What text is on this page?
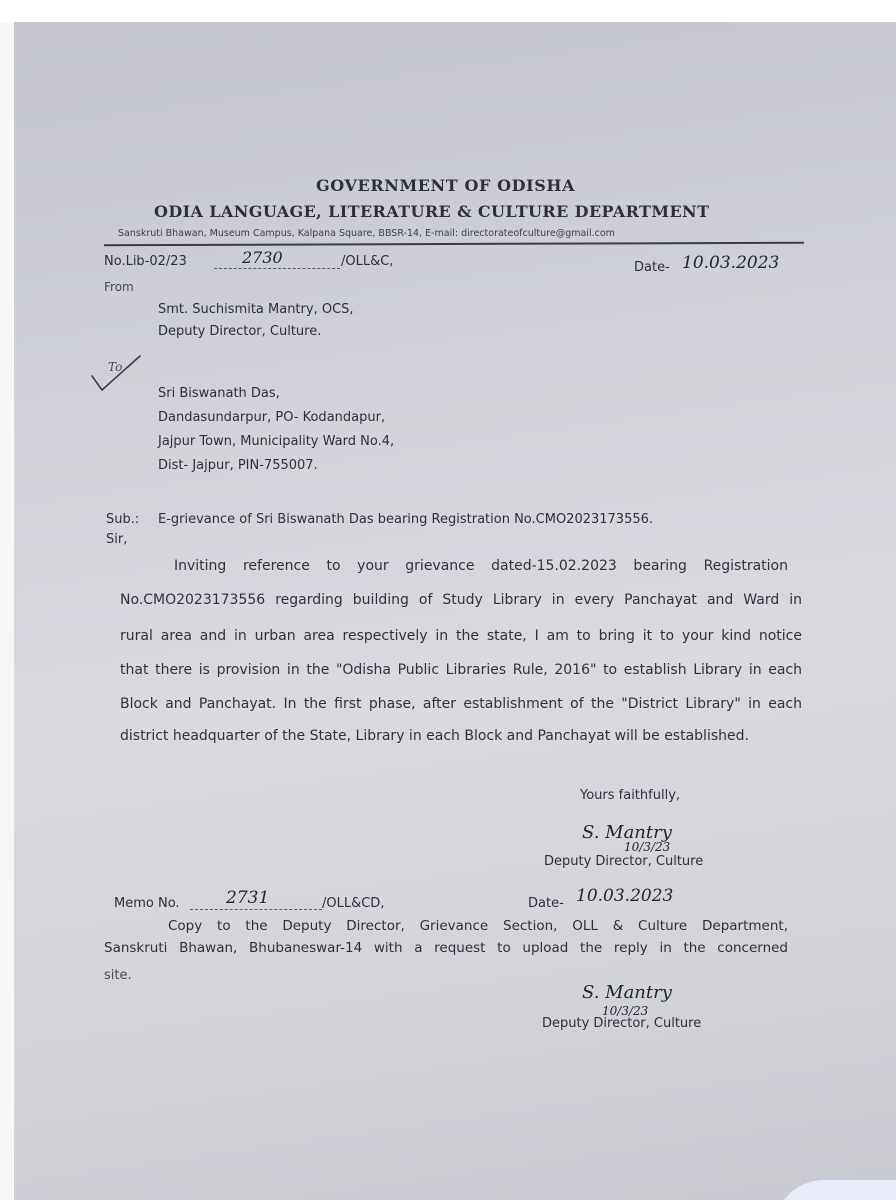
GOVERNMENT OF ODISHA
ODIA LANGUAGE, LITERATURE & CULTURE DEPARTMENT
Sanskruti Bhawan, Museum Campus, Kalpana Square, BBSR-14, E-mail: directorateofculture@gmail.com
No.Lib-02/23	2730	/OLL&C,	Date- 10.03.2023
From
Smt. Suchismita Mantry, OCS,
Deputy Director, Culture.
To
Sri Biswanath Das,
Dandasundarpur, PO- Kodandapur,
Jajpur Town, Municipality Ward No.4,
Dist- Jajpur, PIN-755007.
Sub.: E-grievance of Sri Biswanath Das bearing Registration No.CMO2023173556.
Sir,
Inviting reference to your grievance dated-15.02.2023 bearing Registration
No.CMO2023173556 regarding building of Study Library in every Panchayat and Ward in
rural area and in urban area respectively in the state, I am to bring it to your kind notice
that there is provision in the "Odisha Public Libraries Rule, 2016" to establish Library in each
Block and Panchayat. In the first phase, after establishment of the "District Library" in each
district headquarter of the State, Library in each Block and Panchayat will be established.
Yours faithfully,
S. Mantry
10/3/23
Deputy Director, Culture
Memo No.	2731	/OLL&CD,	Date- 10.03.2023
Copy to the Deputy Director, Grievance Section, OLL & Culture Department,
Sanskruti Bhawan, Bhubaneswar-14 with a request to upload the reply in the concerned
site.
S. Mantry
10/3/23
Deputy Director, Culture
